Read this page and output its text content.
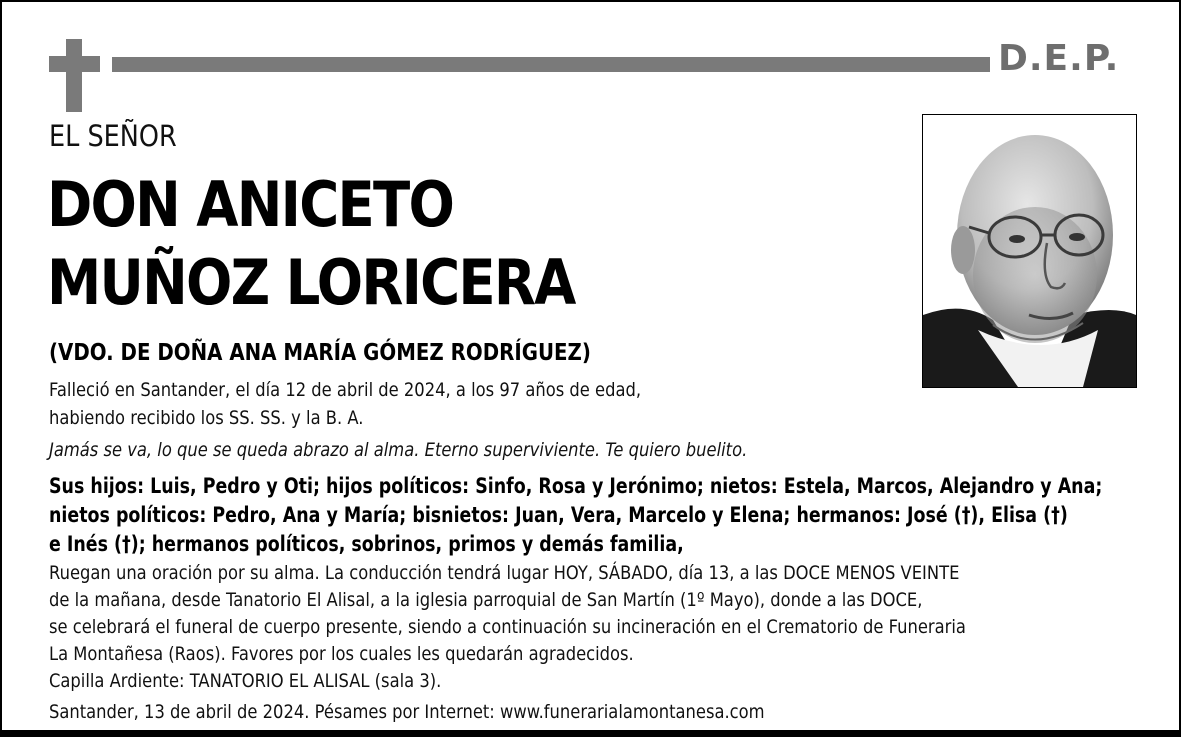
D.E.P.
EL SEÑOR
DON ANICETO
MUÑOZ LORICERA
(VDO. DE DOÑA ANA MARÍA GÓMEZ RODRÍGUEZ)
Falleció en Santander, el día 12 de abril de 2024, a los 97 años de edad,
habiendo recibido los SS. SS. y la B. A.
Jamás se va, lo que se queda abrazo al alma. Eterno superviviente. Te quiero buelito.
Sus hijos: Luis, Pedro y Oti; hijos políticos: Sinfo, Rosa y Jerónimo; nietos: Estela, Marcos, Alejandro y Ana;
nietos políticos: Pedro, Ana y María; bisnietos: Juan, Vera, Marcelo y Elena; hermanos: José (†), Elisa (†)
e Inés (†); hermanos políticos, sobrinos, primos y demás familia,
Ruegan una oración por su alma. La conducción tendrá lugar HOY, SÁBADO, día 13, a las DOCE MENOS VEINTE
de la mañana, desde Tanatorio El Alisal, a la iglesia parroquial de San Martín (1º Mayo), donde a las DOCE,
se celebrará el funeral de cuerpo presente, siendo a continuación su incineración en el Crematorio de Funeraria
La Montañesa (Raos). Favores por los cuales les quedarán agradecidos.
Capilla Ardiente: TANATORIO EL ALISAL (sala 3).
Santander, 13 de abril de 2024. Pésames por Internet: www.funerarialamontanesa.com
